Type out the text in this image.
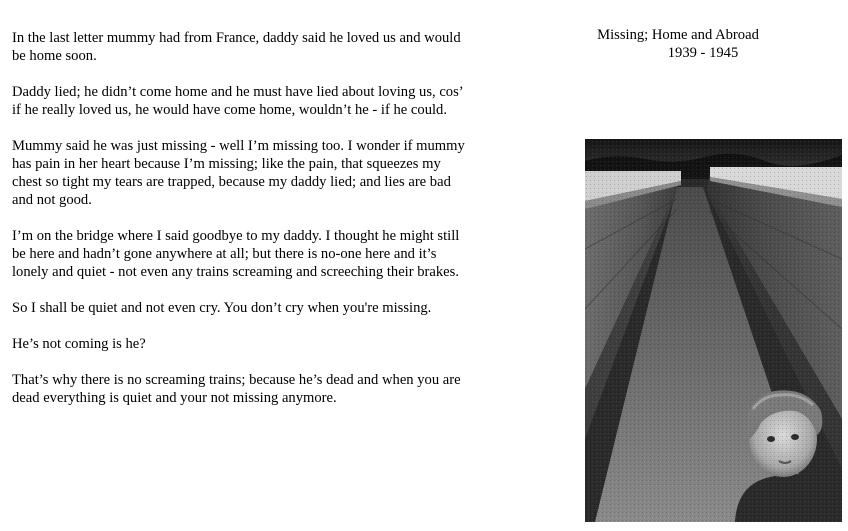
In the last letter mummy had from France, daddy said he loved us and would be home soon.

Daddy lied; he didn’t come home and he must have lied about loving us, cos’ if he really loved us, he would have come home, wouldn’t he - if he could.

Mummy said he was just missing - well I’m missing too. I wonder if mummy has pain in her heart because I’m missing; like the pain, that squeezes my chest so tight my tears are trapped, because my daddy lied; and lies are bad and not good.

I’m on the bridge where I said goodbye to my daddy. I thought he might still be here and hadn’t gone anywhere at all; but there is no-one here and it’s lonely and quiet - not even any trains screaming and screeching their brakes.

So I shall be quiet and not even cry. You don’t cry when you're missing.

He’s not coming is he?

That’s why there is no screaming trains; because he’s dead and when you are dead everything is quiet and your not missing anymore.

Missing; Home and Abroad

1939 - 1945
